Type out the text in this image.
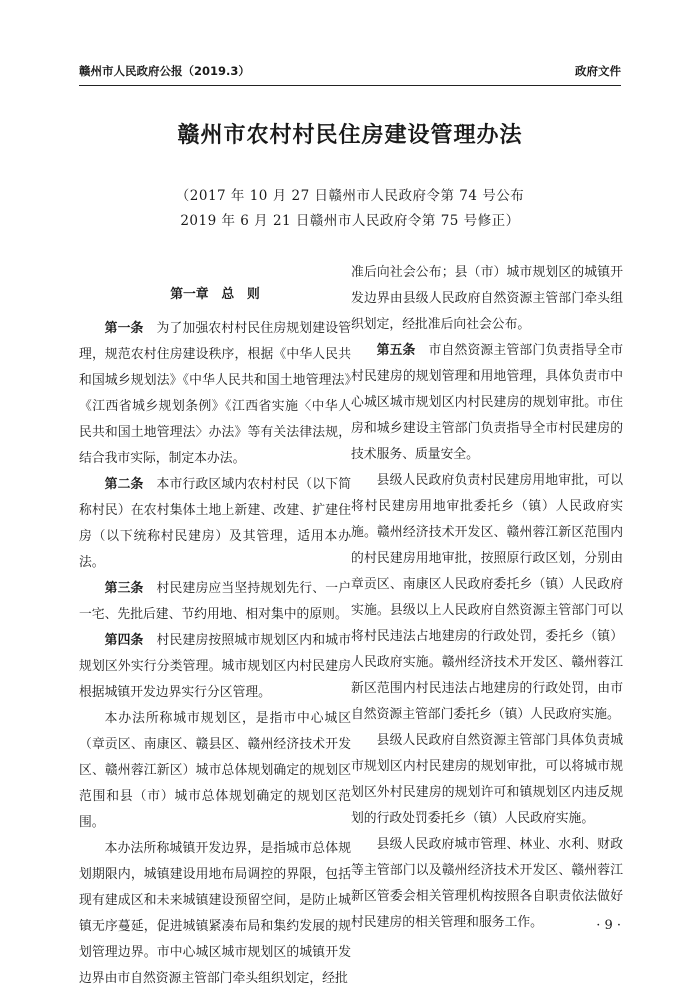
赣州市人民政府公报（2019.3）	政府文件
赣州市农村村民住房建设管理办法
（2017 年 10 月 27 日赣州市人民政府令第 74 号公布
2019 年 6 月 21 日赣州市人民政府令第 75 号修正）
第一章　总　则

第一条　 为了加强农村村民住房规划建设管理，规范农村住房建设秩序，根据《中华人民共和国城乡规划法》《中华人民共和国土地管理法》《江西省城乡规划条例》《江西省实施〈中华人民共和国土地管理法〉办法》等有关法律法规，结合我市实际，制定本办法。

第二条　 本市行政区域内农村村民（以下简称村民）在农村集体土地上新建、改建、扩建住房（以下统称村民建房）及其管理，适用本办法。

第三条　 村民建房应当坚持规划先行、一户一宅、先批后建、节约用地、相对集中的原则。

第四条　 村民建房按照城市规划区内和城市规划区外实行分类管理。城市规划区内村民建房根据城镇开发边界实行分区管理。

本办法所称城市规划区，是指市中心城区（章贡区、南康区、赣县区、赣州经济技术开发区、赣州蓉江新区）城市总体规划确定的规划区范围和县（市）城市总体规划确定的规划区范围。

本办法所称城镇开发边界，是指城市总体规划期限内，城镇建设用地布局调控的界限，包括现有建成区和未来城镇建设预留空间，是防止城镇无序蔓延，促进城镇紧凑布局和集约发展的规划管理边界。市中心城区城市规划区的城镇开发边界由市自然资源主管部门牵头组织划定，经批

准后向社会公布；县（市）城市规划区的城镇开发边界由县级人民政府自然资源主管部门牵头组织划定，经批准后向社会公布。

第五条　 市自然资源主管部门负责指导全市村民建房的规划管理和用地管理，具体负责市中心城区城市规划区内村民建房的规划审批。市住房和城乡建设主管部门负责指导全市村民建房的技术服务、质量安全。

县级人民政府负责村民建房用地审批，可以将村民建房用地审批委托乡（镇）人民政府实施。赣州经济技术开发区、赣州蓉江新区范围内的村民建房用地审批，按照原行政区划，分别由章贡区、南康区人民政府委托乡（镇）人民政府实施。县级以上人民政府自然资源主管部门可以将村民违法占地建房的行政处罚，委托乡（镇）人民政府实施。赣州经济技术开发区、赣州蓉江新区范围内村民违法占地建房的行政处罚，由市自然资源主管部门委托乡（镇）人民政府实施。

县级人民政府自然资源主管部门具体负责城市规划区内村民建房的规划审批，可以将城市规划区外村民建房的规划许可和镇规划区内违反规划的行政处罚委托乡（镇）人民政府实施。

县级人民政府城市管理、林业、水利、财政等主管部门以及赣州经济技术开发区、赣州蓉江新区管委会相关管理机构按照各自职责依法做好村民建房的相关管理和服务工作。	· 9 ·
